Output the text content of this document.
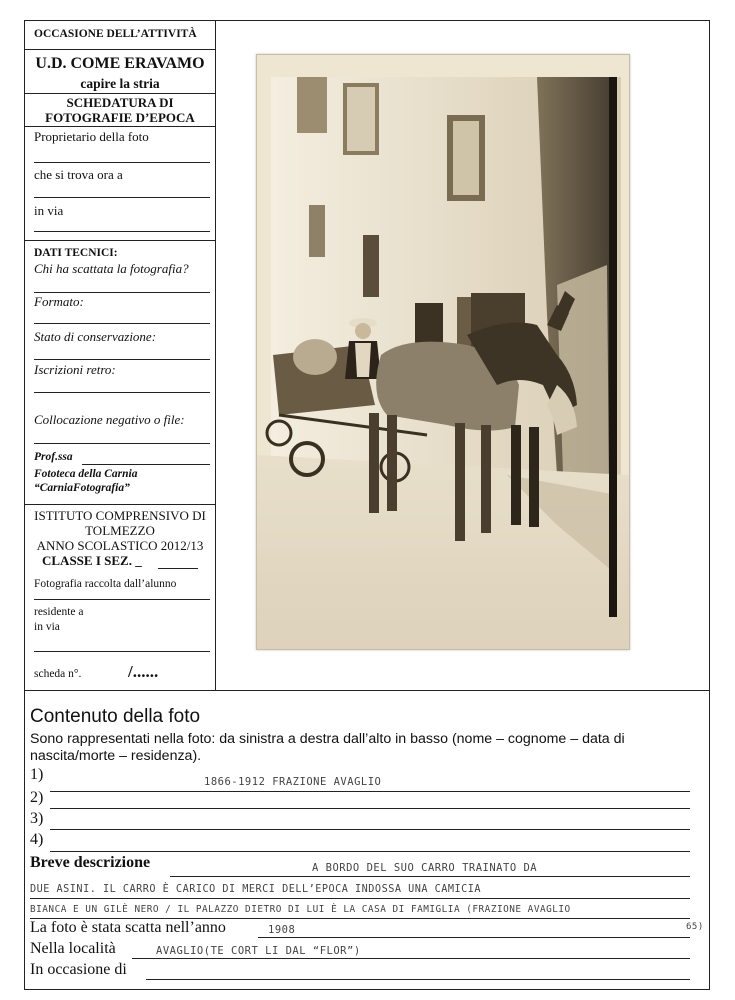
OCCASIONE DELL’ATTIVITÀ
U.D. COME ERAVAMO
capire la stria
SCHEDATURA DI
FOTOGRAFIE D’EPOCA
Proprietario della foto
che si trova ora a
in via
DATI TECNICI:
Chi ha scattata la fotografia?
Formato:
Stato di conservazione:
Iscrizioni retro:
Collocazione negativo o file:
Prof.ssa
Fototeca della Carnia
“CarniaFotografia”
ISTITUTO COMPRENSIVO DI
TOLMEZZO
ANNO SCOLASTICO 2012/13
CLASSE I SEZ. _
Fotografia raccolta dall’alunno
residente a
in via
scheda n°.	/......
Contenuto della foto
Sono rappresentati nella foto: da sinistra a destra dall’alto in basso (nome – cognome – data di nascita/morte – residenza).
1)	1866-1912 FRAZIONE AVAGLIO
2)
3)
4)
Breve descrizione	A BORDO DEL SUO CARRO TRAINATO DA
DUE ASINI. IL CARRO È CARICO DI MERCI DELL’EPOCA INDOSSA UNA CAMICIA
BIANCA E UN GILÈ NERO / IL PALAZZO DIETRO DI LUI È LA CASA DI FAMIGLIA (FRAZIONE AVAGLIO
65)
La foto è stata scatta nell’anno	1908
Nella località	AVAGLIO(TE CORT LI DAL “FLOR”)
In occasione di
